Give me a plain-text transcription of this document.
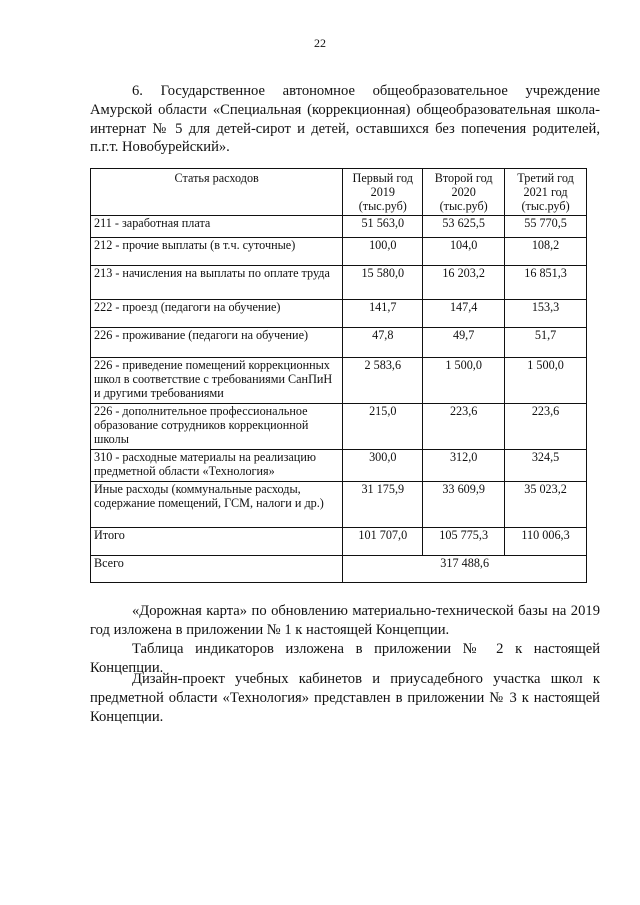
22

6. Государственное автономное общеобразовательное учреждение Амурской области «Специальная (коррекционная) общеобразовательная школа-интернат № 5 для детей-сирот и детей, оставшихся без попечения родителей, п.г.т. Новобурейский».

Статья расходов	Первый год 2019 (тыс.руб)	Второй год 2020 (тыс.руб)	Третий год 2021 год (тыс.руб)
211 - заработная плата	51 563,0	53 625,5	55 770,5
212 - прочие выплаты (в т.ч. суточные)	100,0	104,0	108,2
213 - начисления на выплаты по оплате труда	15 580,0	16 203,2	16 851,3
222 - проезд (педагоги на обучение)	141,7	147,4	153,3
226 - проживание (педагоги на обучение)	47,8	49,7	51,7
226 - приведение помещений коррекционных школ в соответствие с требованиями СанПиН и другими требованиями	2 583,6	1 500,0	1 500,0
226 - дополнительное профессиональное образование сотрудников коррекционной школы	215,0	223,6	223,6
310 - расходные материалы на реализацию предметной области «Технология»	300,0	312,0	324,5
Иные расходы (коммунальные расходы, содержание помещений, ГСМ, налоги и др.)	31 175,9	33 609,9	35 023,2
Итого	101 707,0	105 775,3	110 006,3
Всего	317 488,6		

«Дорожная карта» по обновлению материально-технической базы на 2019 год изложена в приложении № 1 к настоящей Концепции.

Таблица индикаторов изложена в приложении № 2 к настоящей Концепции.

Дизайн-проект учебных кабинетов и приусадебного участка школ к предметной области «Технология» представлен в приложении № 3 к настоящей Концепции.
